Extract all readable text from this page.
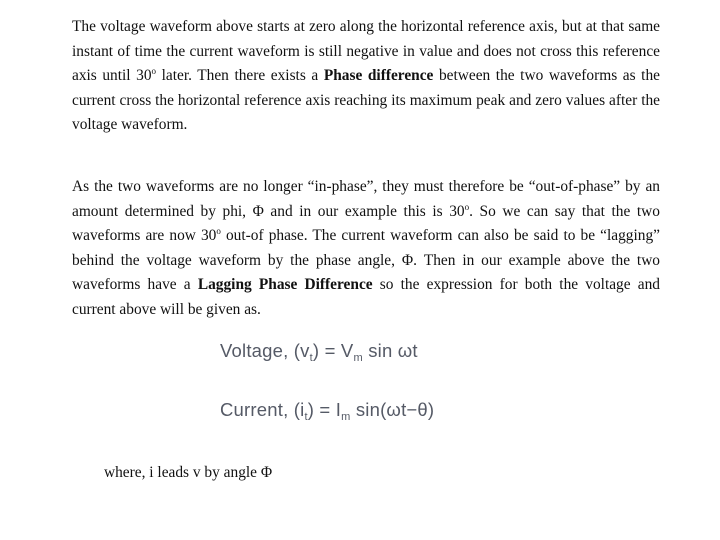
The voltage waveform above starts at zero along the horizontal reference axis, but at that same instant of time the current waveform is still negative in value and does not cross this reference axis until 30$^o$ later. Then there exists a Phase difference between the two waveforms as the current cross the horizontal reference axis reaching its maximum peak and zero values after the voltage waveform.

As the two waveforms are no longer “in-phase”, they must therefore be “out-of-phase” by an amount determined by phi, Φ and in our example this is 30$^o$. So we can say that the two waveforms are now 30$^o$ out-of phase. The current waveform can also be said to be “lagging” behind the voltage waveform by the phase angle, Φ. Then in our example above the two waveforms have a Lagging Phase Difference so the expression for both the voltage and current above will be given as.

Voltage, $(v_t) = V_m$ sin ωt
Current, $(i_t) = I_m$ sin(ωt−θ)
where, i leads v by angle Φ
